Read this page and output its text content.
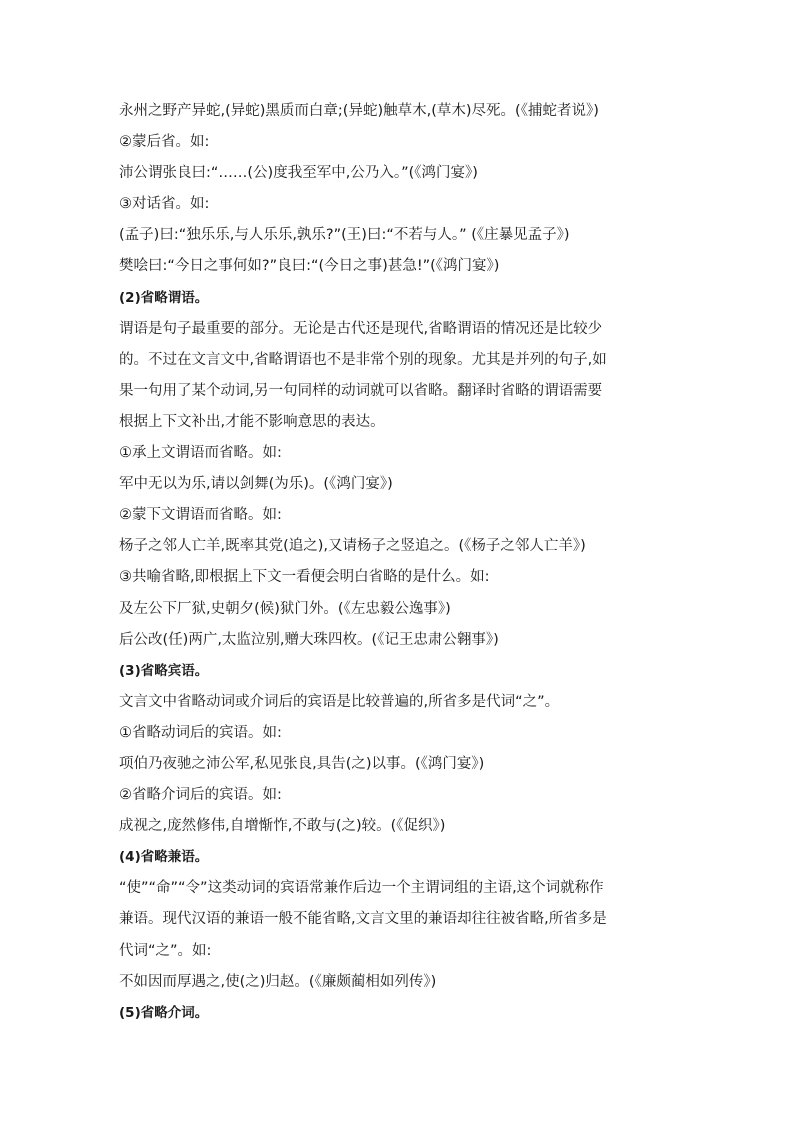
永州之野产异蛇,(异蛇)黑质而白章;(异蛇)触草木,(草木)尽死。(《捕蛇者说》)
②蒙后省。如:
沛公谓张良曰:“……(公)度我至军中,公乃入。”(《鸿门宴》)
③对话省。如:
(孟子)曰:“独乐乐,与人乐乐,孰乐?”(王)曰:“不若与人。” (《庄暴见孟子》)
樊哙曰:“今日之事何如?”良曰:“(今日之事)甚急!”(《鸿门宴》)
(2)省略谓语。
谓语是句子最重要的部分。无论是古代还是现代,省略谓语的情况还是比较少
的。不过在文言文中,省略谓语也不是非常个别的现象。尤其是并列的句子,如
果一句用了某个动词,另一句同样的动词就可以省略。翻译时省略的谓语需要
根据上下文补出,才能不影响意思的表达。
①承上文谓语而省略。如:
军中无以为乐,请以剑舞(为乐)。(《鸿门宴》)
②蒙下文谓语而省略。如:
杨子之邻人亡羊,既率其党(追之),又请杨子之竖追之。(《杨子之邻人亡羊》)
③共喻省略,即根据上下文一看便会明白省略的是什么。如:
及左公下厂狱,史朝夕(候)狱门外。(《左忠毅公逸事》)
后公改(任)两广,太监泣别,赠大珠四枚。(《记王忠肃公翱事》)
(3)省略宾语。
文言文中省略动词或介词后的宾语是比较普遍的,所省多是代词“之”。
①省略动词后的宾语。如:
项伯乃夜驰之沛公军,私见张良,具告(之)以事。(《鸿门宴》)
②省略介词后的宾语。如:
成视之,庞然修伟,自增惭怍,不敢与(之)较。(《促织》)
(4)省略兼语。
“使”“命”“令”这类动词的宾语常兼作后边一个主谓词组的主语,这个词就称作
兼语。现代汉语的兼语一般不能省略,文言文里的兼语却往往被省略,所省多是
代词“之”。如:
不如因而厚遇之,使(之)归赵。(《廉颇蔺相如列传》)
(5)省略介词。
